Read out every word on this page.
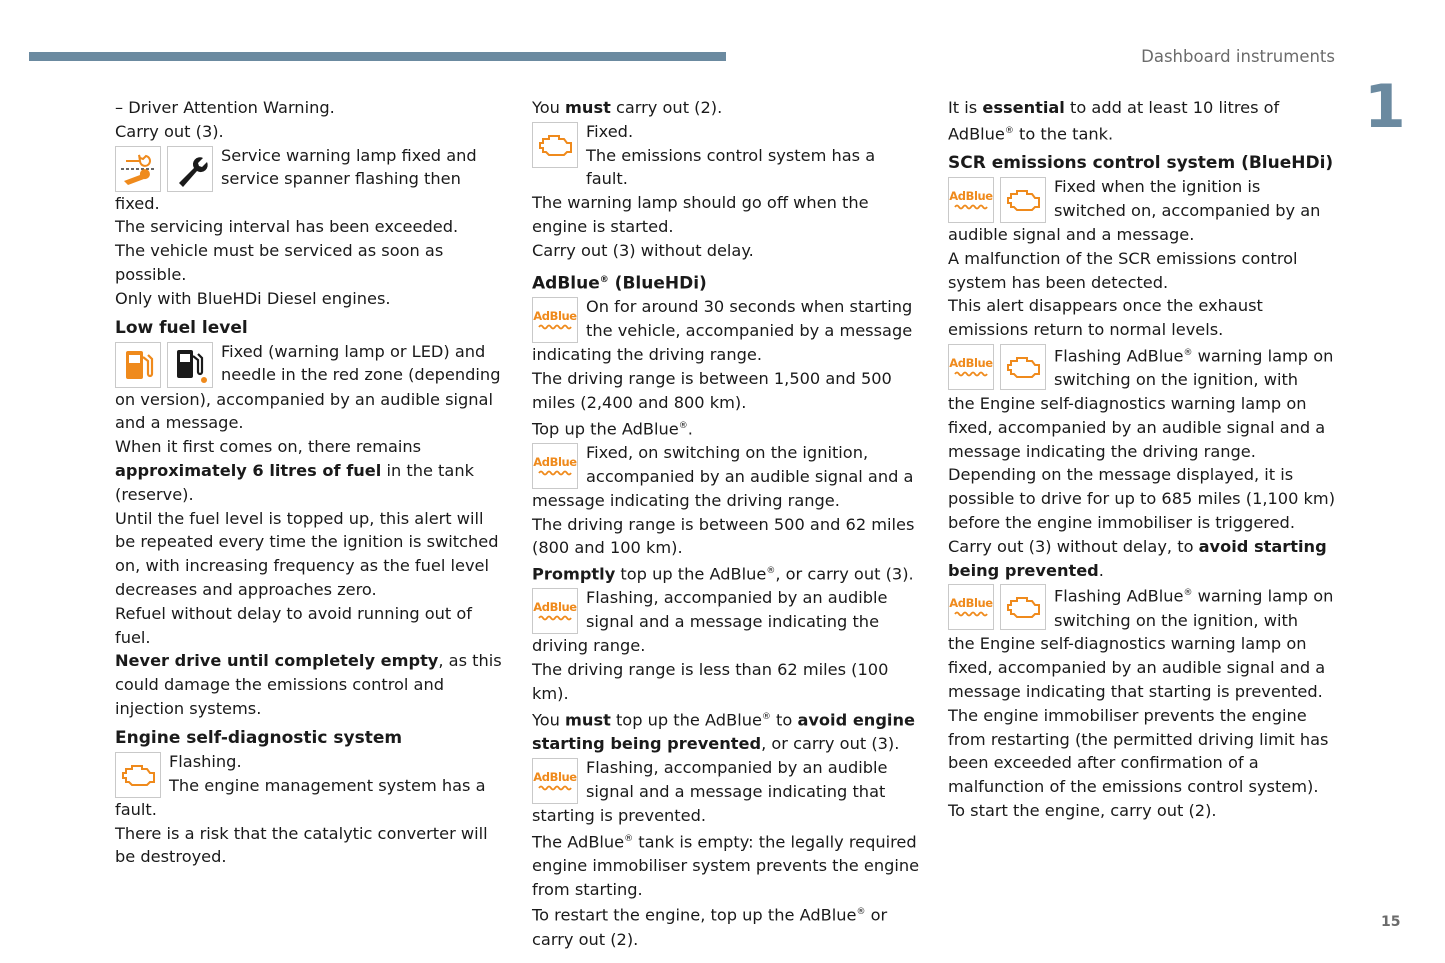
Dashboard instruments
1
15

– Driver Attention Warning.

Carry out (3).

Service warning lamp fixed and

service spanner flashing then

fixed.

The servicing interval has been exceeded.

The vehicle must be serviced as soon as possible.

Only with BlueHDi Diesel engines.

Low fuel level

Fixed (warning lamp or LED) and

needle in the red zone (depending

on version), accompanied by an audible signal and a message.

When it first comes on, there remains
approximately 6 litres of fuel in the tank (reserve).

Until the fuel level is topped up, this alert will be repeated every time the ignition is switched on, with increasing frequency as the fuel level decreases and approaches zero.

Refuel without delay to avoid running out of fuel.

Never drive until completely empty, as this could damage the emissions control and injection systems.

Engine self-diagnostic system

Flashing.

The engine management system has a

fault.

There is a risk that the catalytic converter will be destroyed.

You must carry out (2).

Fixed.

The emissions control system has a fault.

The warning lamp should go off when the engine is started.

Carry out (3) without delay.

AdBlue® (BlueHDi)
AdBlue On for around 30 seconds when starting

the vehicle, accompanied by a message

indicating the driving range.

The driving range is between 1,500 and 500 miles (2,400 and 800 km).

Top up the AdBlue®.

AdBlue Fixed, on switching on the ignition,

accompanied by an audible signal and a

message indicating the driving range.

The driving range is between 500 and 62 miles (800 and 100 km).

Promptly top up the AdBlue®, or carry out (3).

AdBlue Flashing, accompanied by an audible

signal and a message indicating the

driving range.

The driving range is less than 62 miles (100 km).

You must top up the AdBlue® to avoid engine starting being prevented, or carry out (3).

AdBlue Flashing, accompanied by an audible

signal and a message indicating that

starting is prevented.

The AdBlue® tank is empty: the legally required engine immobiliser system prevents the engine from starting.

To restart the engine, top up the AdBlue® or carry out (2).

It is essential to add at least 10 litres of AdBlue® to the tank.

SCR emissions control system (BlueHDi)
AdBlue	Fixed when the ignition is

switched on, accompanied by an

audible signal and a message.

A malfunction of the SCR emissions control system has been detected.

This alert disappears once the exhaust emissions return to normal levels.

AdBlue	Flashing AdBlue® warning lamp on

switching on the ignition, with

the Engine self-diagnostics warning lamp on fixed, accompanied by an audible signal and a message indicating the driving range.

Depending on the message displayed, it is possible to drive for up to 685 miles (1,100 km) before the engine immobiliser is triggered.

Carry out (3) without delay, to avoid starting being prevented.

AdBlue	Flashing AdBlue® warning lamp on

switching on the ignition, with

the Engine self-diagnostics warning lamp on fixed, accompanied by an audible signal and a message indicating that starting is prevented.

The engine immobiliser prevents the engine from restarting (the permitted driving limit has been exceeded after confirmation of a malfunction of the emissions control system).

To start the engine, carry out (2).
